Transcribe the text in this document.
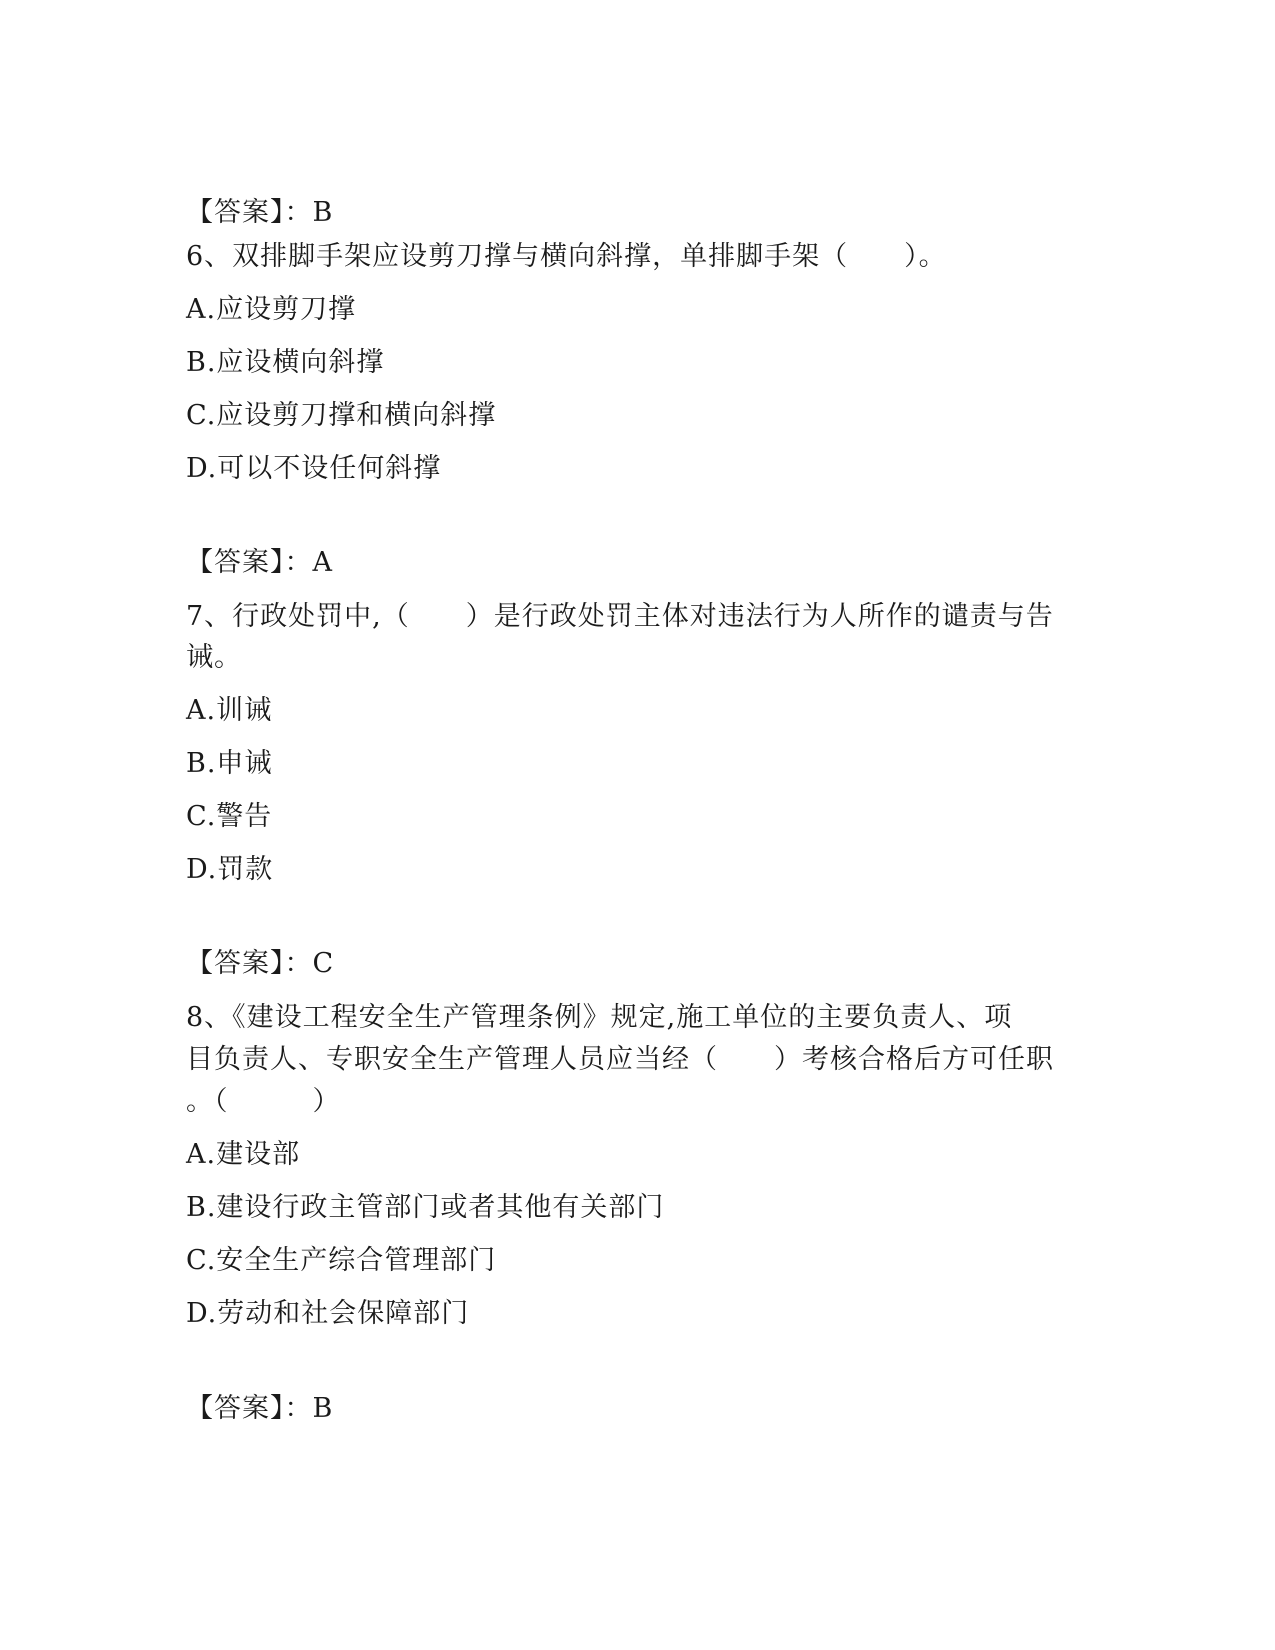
【答案】：B
6、双排脚手架应设剪刀撑与横向斜撑，单排脚手架（　　）。
A.应设剪刀撑
B.应设横向斜撑
C.应设剪刀撑和横向斜撑
D.可以不设任何斜撑
【答案】：A
7、行政处罚中,（　　）是行政处罚主体对违法行为人所作的谴责与告
诫。
A.训诫
B.申诫
C.警告
D.罚款
【答案】：C
8、《建设工程安全生产管理条例》规定,施工单位的主要负责人、项
目负责人、专职安全生产管理人员应当经（　　）考核合格后方可任职
。（　　　）
A.建设部
B.建设行政主管部门或者其他有关部门
C.安全生产综合管理部门
D.劳动和社会保障部门
【答案】：B
